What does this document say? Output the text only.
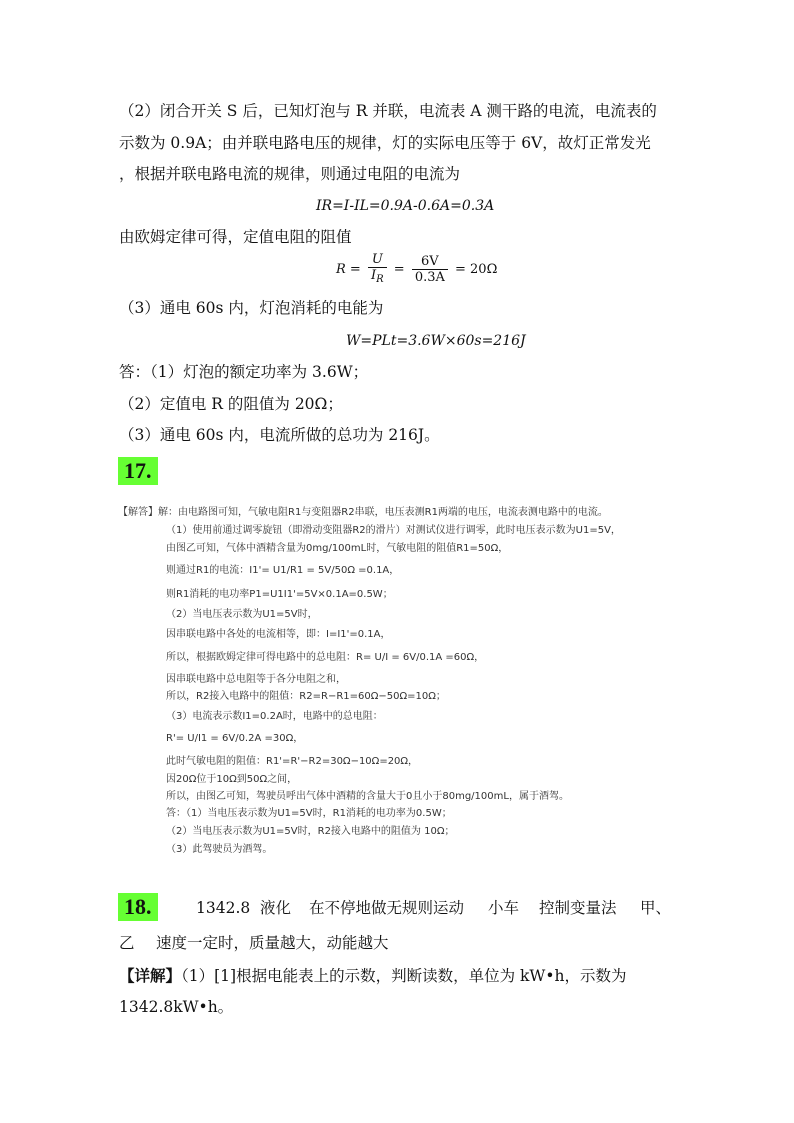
（2）闭合开关 S 后，已知灯泡与 R 并联，电流表 A 测干路的电流，电流表的
示数为 0.9A；由并联电路电压的规律，灯的实际电压等于 6V，故灯正常发光
，根据并联电路电流的规律，则通过电阻的电流为
IR=I-IL=0.9A-0.6A=0.3A
由欧姆定律可得，定值电阻的阻值
$R = \frac{U}{I_R} = \frac{6V}{0.3A} = 20\Omega$
（3）通电 60s 内，灯泡消耗的电能为
W=PLt=3.6W×60s=216J
答：（1）灯泡的额定功率为 3.6W；
（2）定值电 R 的阻值为 20Ω；
（3）通电 60s 内，电流所做的总功为 216J。
17.
【解答】解：由电路图可知，气敏电阻R1与变阻器R2串联，电压表测R1两端的电压，电流表测电路中的电流。
（1）使用前通过调零旋钮（即滑动变阻器R2的滑片）对测试仪进行调零，此时电压表示数为U1=5V，
由图乙可知，气体中酒精含量为0mg/100mL时，气敏电阻的阻值R1=50Ω，
则通过R1的电流：I1'= U1/R1 = 5V/50Ω =0.1A，
则R1消耗的电功率P1=U1I1'=5V×0.1A=0.5W；
（2）当电压表示数为U1=5V时，
因串联电路中各处的电流相等，即：I=I1'=0.1A，
所以，根据欧姆定律可得电路中的总电阻：R= U/I = 6V/0.1A =60Ω，
因串联电路中总电阻等于各分电阻之和，
所以，R2接入电路中的阻值：R2=R−R1=60Ω−50Ω=10Ω；
（3）电流表示数I1=0.2A时，电路中的总电阻：
R'= U/I1 = 6V/0.2A =30Ω，
此时气敏电阻的阻值：R1'=R'−R2=30Ω−10Ω=20Ω，
因20Ω位于10Ω到50Ω之间，
所以，由图乙可知，驾驶员呼出气体中酒精的含量大于0且小于80mg/100mL，属于酒驾。
答：（1）当电压表示数为U1=5V时，R1消耗的电功率为0.5W；
（2）当电压表示数为U1=5V时，R2接入电路中的阻值为 10Ω；
（3）此驾驶员为酒驾。
18.	1342.8 液化 在不停地做无规则运动 小车 控制变量法 甲、
乙 速度一定时，质量越大，动能越大
【详解】（1）[1]根据电能表上的示数，判断读数，单位为 kW•h，示数为
1342.8kW•h。
